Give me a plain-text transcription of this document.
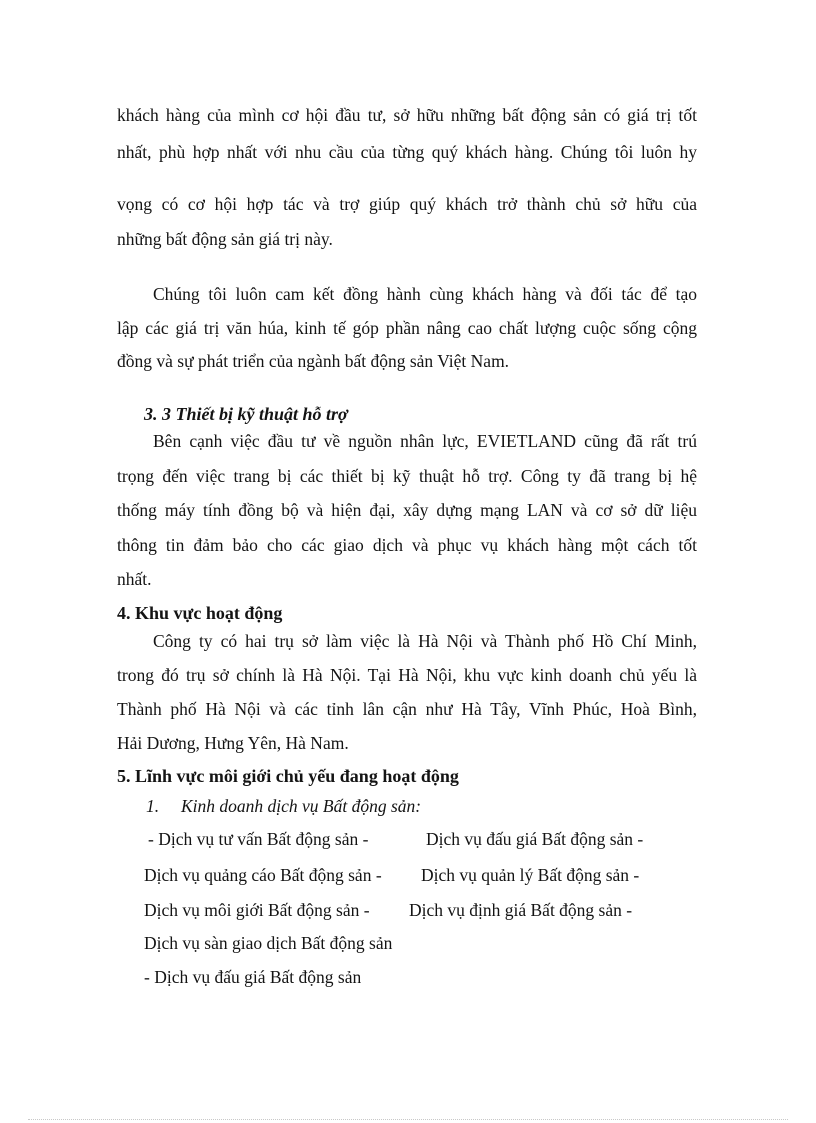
khách hàng của mình cơ hội đầu tư, sở hữu những bất động sản có giá trị tốt
nhất, phù hợp nhất với nhu cầu của từng quý khách hàng. Chúng tôi luôn hy
vọng có cơ hội hợp tác và trợ giúp quý khách trở thành chủ sở hữu của
những bất động sản giá trị này.
Chúng tôi luôn cam kết đồng hành cùng khách hàng và đối tác để tạo
lập các giá trị văn húa, kinh tế góp phần nâng cao chất lượng cuộc sống cộng
đồng và sự phát triển của ngành bất động sản Việt Nam.
3. 3 Thiết bị kỹ thuật hỗ trợ
Bên cạnh việc đầu tư về nguồn nhân lực, EVIETLAND cũng đã rất trú
trọng đến việc trang bị các thiết bị kỹ thuật hỗ trợ. Công ty đã trang bị hệ
thống máy tính đồng bộ và hiện đại, xây dựng mạng LAN và cơ sở dữ liệu
thông tin đảm bảo cho các giao dịch và phục vụ khách hàng một cách tốt
nhất.
4. Khu vực hoạt động
Công ty có hai trụ sở làm việc là Hà Nội và Thành phố Hồ Chí Minh,
trong đó trụ sở chính là Hà Nội. Tại Hà Nội, khu vực kinh doanh chủ yếu là
Thành phố Hà Nội và các tỉnh lân cận như Hà Tây, Vĩnh Phúc, Hoà Bình,
Hải Dương, Hưng Yên, Hà Nam.
5. Lĩnh vực môi giới chủ yếu đang hoạt động
1.	Kinh doanh dịch vụ Bất động sản:
- Dịch vụ tư vấn Bất động sản -	Dịch vụ đấu giá Bất động sản -
Dịch vụ quảng cáo Bất động sản -	Dịch vụ quản lý Bất động sản -
Dịch vụ môi giới Bất động sản -	Dịch vụ định giá Bất động sản -
Dịch vụ sàn giao dịch Bất động sản
- Dịch vụ đấu giá Bất động sản
